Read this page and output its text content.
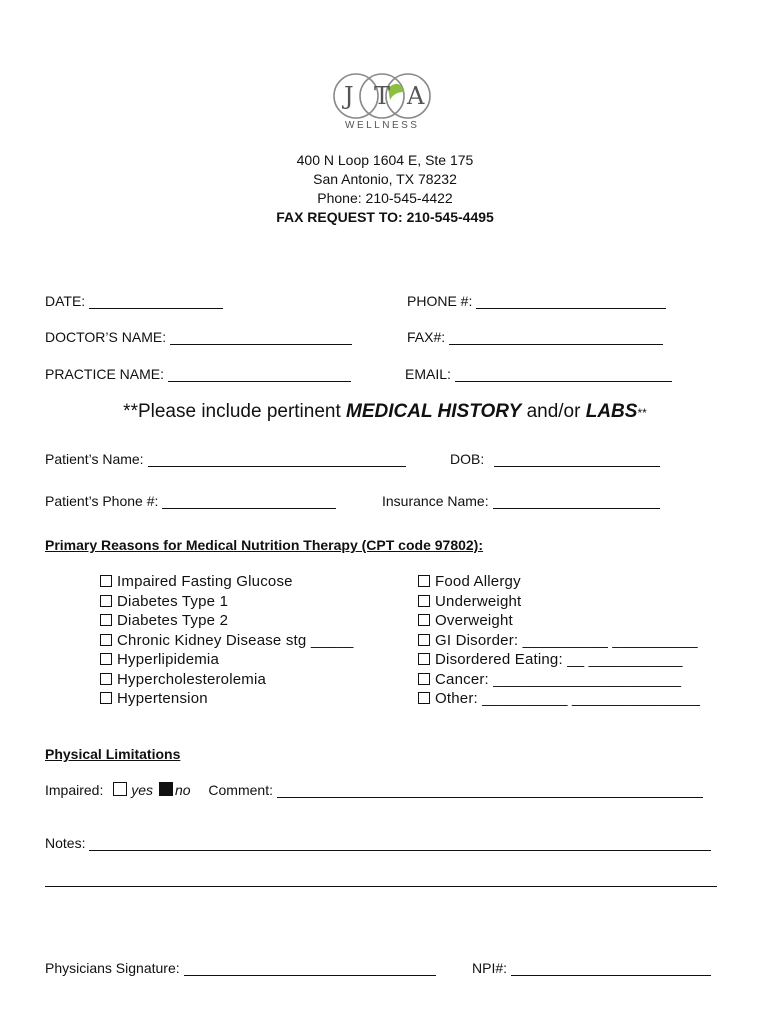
J T A
WELLNESS
400 N Loop 1604 E, Ste 175
San Antonio, TX 78232
Phone: 210-545-4422
FAX REQUEST TO: 210-545-4495
DATE:	PHONE #:
DOCTOR’S NAME:	FAX#:
PRACTICE NAME:	EMAIL:
**Please include pertinent MEDICAL HISTORY and/or LABS**
Patient’s Name:	DOB:
Patient’s Phone #:	Insurance Name:
Primary Reasons for Medical Nutrition Therapy (CPT code 97802):
Impaired Fasting Glucose
Diabetes Type 1
Diabetes Type 2
Chronic Kidney Disease stg _____
Hyperlipidemia
Hypercholesterolemia
Hypertension
Food Allergy
Underweight
Overweight
GI Disorder: __________ __________
Disordered Eating: __ ___________
Cancer: ______________________
Other: __________ _______________
Physical Limitations
Impaired: yes no Comment:
Notes:
Physicians Signature:	NPI#:
